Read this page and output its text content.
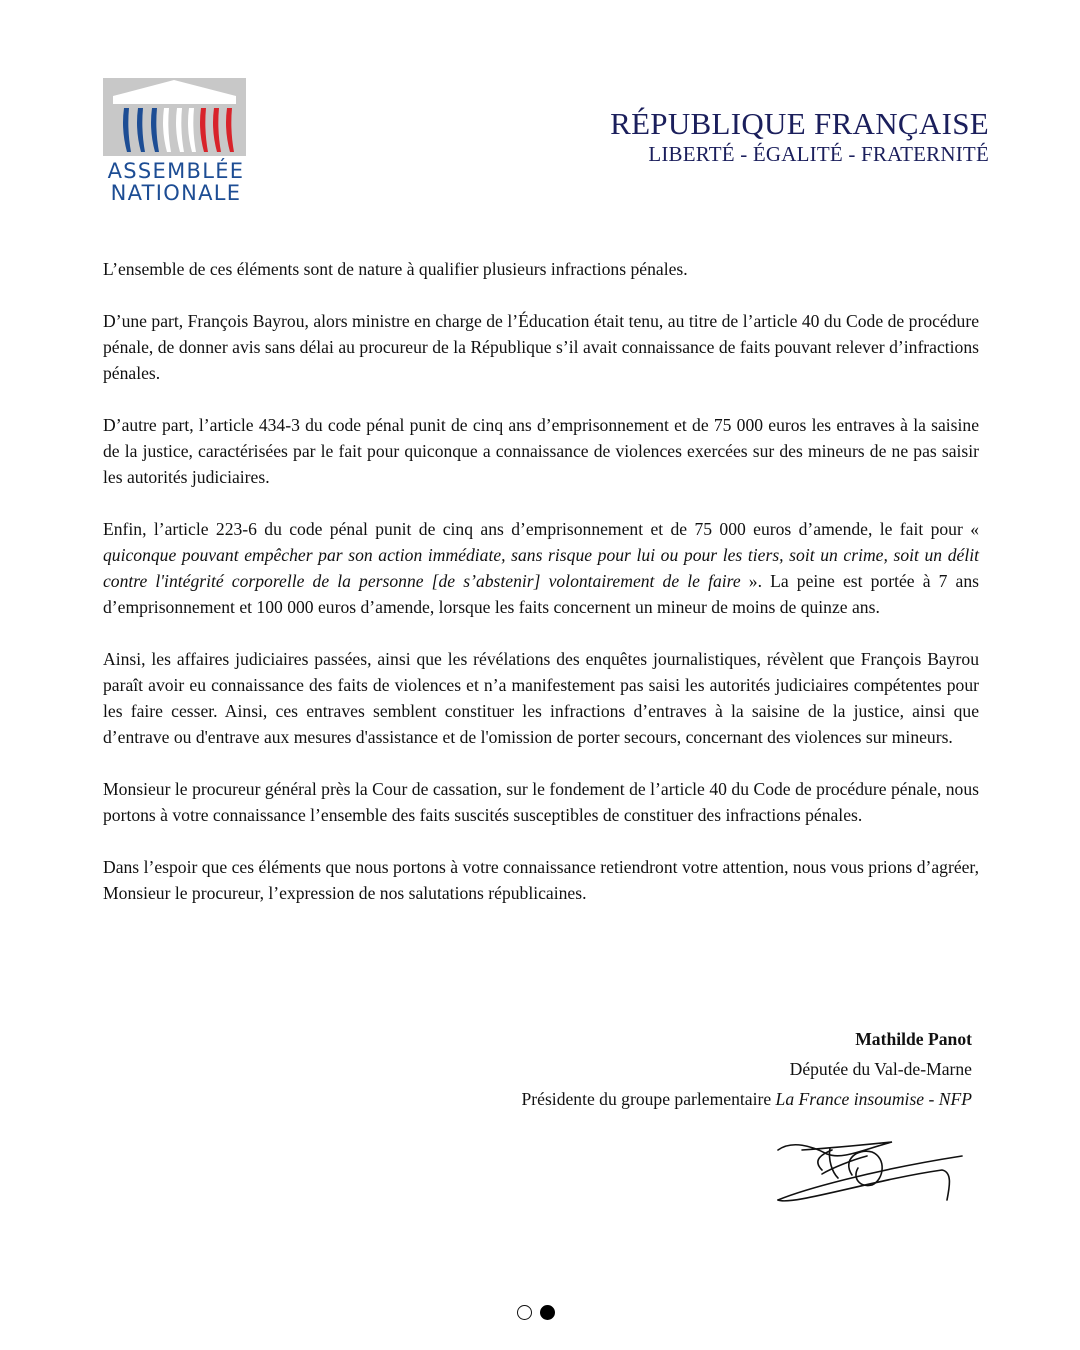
ASSEMBLÉE
NATIONALE
RÉPUBLIQUE FRANÇAISE
LIBERTÉ - ÉGALITÉ - FRATERNITÉ

L’ensemble de ces éléments sont de nature à qualifier plusieurs infractions pénales.

D’une part, François Bayrou, alors ministre en charge de l’Éducation était tenu, au titre de l’article 40 du Code de procédure pénale, de donner avis sans délai au procureur de la République s’il avait connaissance de faits pouvant relever d’infractions pénales.

D’autre part, l’article 434-3 du code pénal punit de cinq ans d’emprisonnement et de 75 000 euros les entraves à la saisine de la justice, caractérisées par le fait pour quiconque a connaissance de violences exercées sur des mineurs de ne pas saisir les autorités judiciaires.

Enfin, l’article 223-6 du code pénal punit de cinq ans d’emprisonnement et de 75 000 euros d’amende, le fait pour « quiconque pouvant empêcher par son action immédiate, sans risque pour lui ou pour les tiers, soit un crime, soit un délit contre l'intégrité corporelle de la personne [de s’abstenir] volontairement de le faire ». La peine est portée à 7 ans d’emprisonnement et 100 000 euros d’amende, lorsque les faits concernent un mineur de moins de quinze ans.

Ainsi, les affaires judiciaires passées, ainsi que les révélations des enquêtes journalistiques, révèlent que François Bayrou paraît avoir eu connaissance des faits de violences et n’a manifestement pas saisi les autorités judiciaires compétentes pour les faire cesser. Ainsi, ces entraves semblent constituer les infractions d’entraves à la saisine de la justice, ainsi que d’entrave ou d'entrave aux mesures d'assistance et de l'omission de porter secours, concernant des violences sur mineurs.

Monsieur le procureur général près la Cour de cassation, sur le fondement de l’article 40 du Code de procédure pénale, nous portons à votre connaissance l’ensemble des faits suscités susceptibles de constituer des infractions pénales.

Dans l’espoir que ces éléments que nous portons à votre connaissance retiendront votre attention, nous vous prions d’agréer, Monsieur le procureur, l’expression de nos salutations républicaines.

Mathilde Panot
Députée du Val-de-Marne
Présidente du groupe parlementaire La France insoumise - NFP
